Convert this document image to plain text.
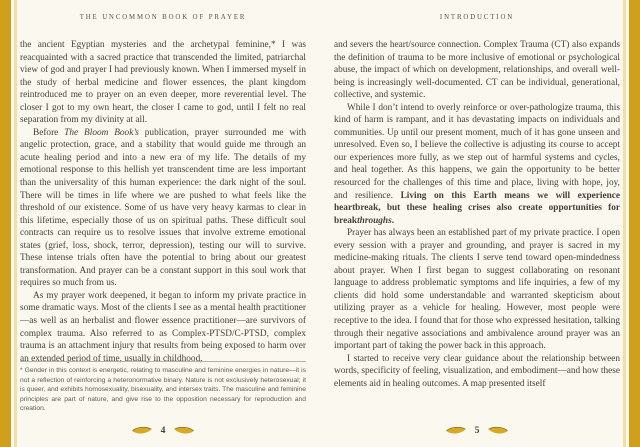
THE UNCOMMON BOOK OF PRAYER

the ancient Egyptian mysteries and the archetypal feminine,* I was reacquainted with a sacred practice that transcended the limited, patriarchal view of god and prayer I had previously known. When I immersed myself in the study of herbal medicine and flower essences, the plant kingdom reintroduced me to prayer on an even deeper, more reverential level. The closer I got to my own heart, the closer I came to god, until I felt no real separation from my divinity at all.

Before The Bloom Book’s publication, prayer surrounded me with angelic protection, grace, and a stability that would guide me through an acute healing period and into a new era of my life. The details of my emotional response to this hellish yet transcendent time are less important than the universality of this human experience: the dark night of the soul. There will be times in life where we are pushed to what feels like the threshold of our existence. Some of us have very heavy karmas to clear in this lifetime, especially those of us on spiritual paths. These difficult soul contracts can require us to resolve issues that involve extreme emotional states (grief, loss, shock, terror, depression), testing our will to survive. These intense trials often have the potential to bring about our greatest transformation. And prayer can be a constant support in this soul work that requires so much from us.

As my prayer work deepened, it began to inform my private practice in some dramatic ways. Most of the clients I see as a mental health practitioner—as well as an herbalist and flower essence practitioner—are survivors of complex trauma. Also referred to as Complex-PTSD/C-PTSD, complex trauma is an attachment injury that results from being exposed to harm over an extended period of time, usually in childhood,

* Gender in this context is energetic, relating to masculine and feminine energies in nature—it is not a reflection of reinforcing a heteronormative binary. Nature is not exclusively heterosexual; it is queer, and exhibits homosexuality, bisexuality, and intersex traits. The masculine and feminine principles are part of nature, and give rise to the opposition necessary for reproduction and creation.

4
INTRODUCTION

and severs the heart/source connection. Complex Trauma (CT) also expands the definition of trauma to be more inclusive of emotional or psychological abuse, the impact of which on development, relationships, and overall well-being is increasingly well-documented. CT can be individual, generational, collective, and systemic.

While I don’t intend to overly reinforce or over-pathologize trauma, this kind of harm is rampant, and it has devastating impacts on individuals and communities. Up until our present moment, much of it has gone unseen and unresolved. Even so, I believe the collective is adjusting its course to accept our experiences more fully, as we step out of harmful systems and cycles, and heal together. As this happens, we gain the opportunity to be better resourced for the challenges of this time and place, living with hope, joy, and resilience. Living on this Earth means we will experience heartbreak, but these healing crises also create opportunities for breakthroughs.

Prayer has always been an established part of my private practice. I open every session with a prayer and grounding, and prayer is sacred in my medicine-making rituals. The clients I serve tend toward open-mindedness about prayer. When I first began to suggest collaborating on resonant language to address problematic symptoms and life inquiries, a few of my clients did hold some understandable and warranted skepticism about utilizing prayer as a vehicle for healing. However, most people were receptive to the idea. I found that for those who expressed hesitation, talking through their negative associations and ambivalence around prayer was an important part of taking the power back in this approach.

I started to receive very clear guidance about the relationship between words, specificity of feeling, visualization, and embodiment—and how these elements aid in healing outcomes. A map presented itself

5
